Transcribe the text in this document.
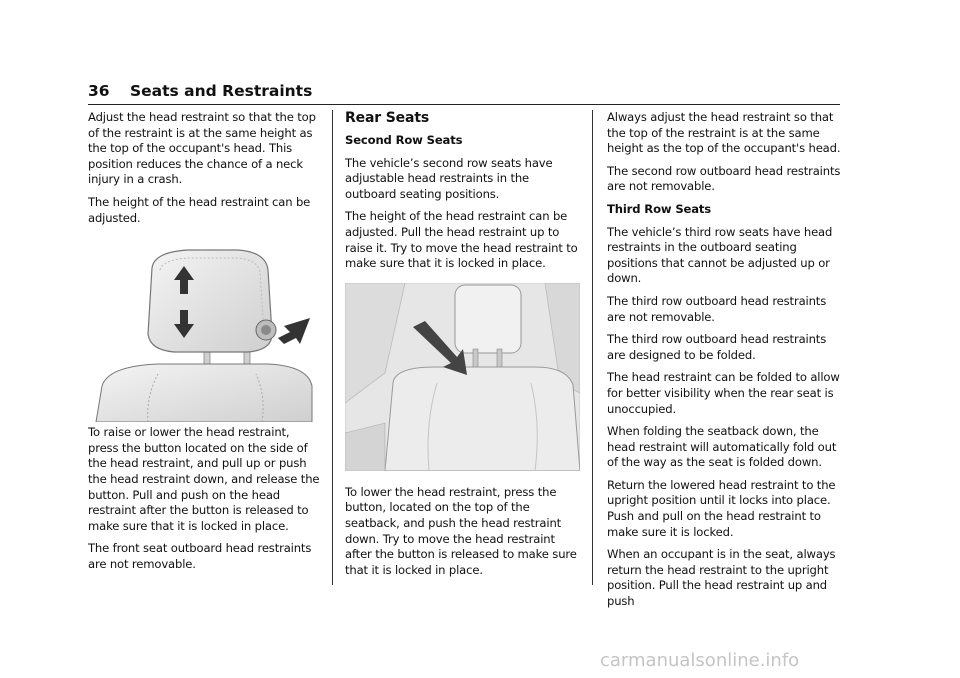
36 Seats and Restraints

Adjust the head restraint so that the top of the restraint is at the same height as the top of the occupant's head. This position reduces the chance of a neck injury in a crash.

The height of the head restraint can be adjusted.

To raise or lower the head restraint, press the button located on the side of the head restraint, and pull up or push the head restraint down, and release the button. Pull and push on the head restraint after the button is released to make sure that it is locked in place.

The front seat outboard head restraints are not removable.

Rear Seats
Second Row Seats

The vehicle’s second row seats have adjustable head restraints in the outboard seating positions.

The height of the head restraint can be adjusted. Pull the head restraint up to raise it. Try to move the head restraint to make sure that it is locked in place.

To lower the head restraint, press the button, located on the top of the seatback, and push the head restraint down. Try to move the head restraint after the button is released to make sure that it is locked in place.

Always adjust the head restraint so that the top of the restraint is at the same height as the top of the occupant's head.

The second row outboard head restraints are not removable.

Third Row Seats

The vehicle’s third row seats have head restraints in the outboard seating positions that cannot be adjusted up or down.

The third row outboard head restraints are not removable.

The third row outboard head restraints are designed to be folded.

The head restraint can be folded to allow for better visibility when the rear seat is unoccupied.

When folding the seatback down, the head restraint will automatically fold out of the way as the seat is folded down.

Return the lowered head restraint to the upright position until it locks into place. Push and pull on the head restraint to make sure it is locked.

When an occupant is in the seat, always return the head restraint to the upright position. Pull the head restraint up and push

carmanualsonline.info
